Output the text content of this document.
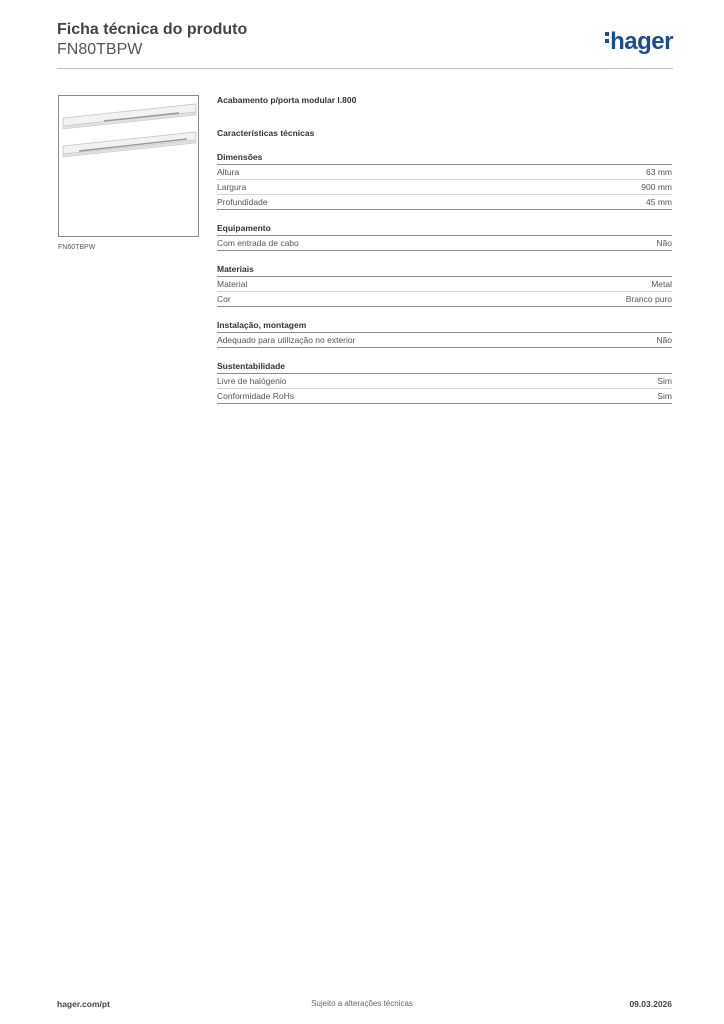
Ficha técnica do produto
FN80TBPW	hager
FN60TBPW
Acabamento p/porta modular l.800
Características técnicas
Dimensões
Altura	63 mm
Largura	900 mm
Profundidade	45 mm
Equipamento
Com entrada de cabo	Não
Materiais
Material	Metal
Cor	Branco puro
Instalação, montagem
Adequado para utilização no exterior	Não
Sustentabilidade
Livre de halógenio	Sim
Conformidade RoHs	Sim
hager.com/pt	Sujeito a alterações técnicas	09.03.2026
